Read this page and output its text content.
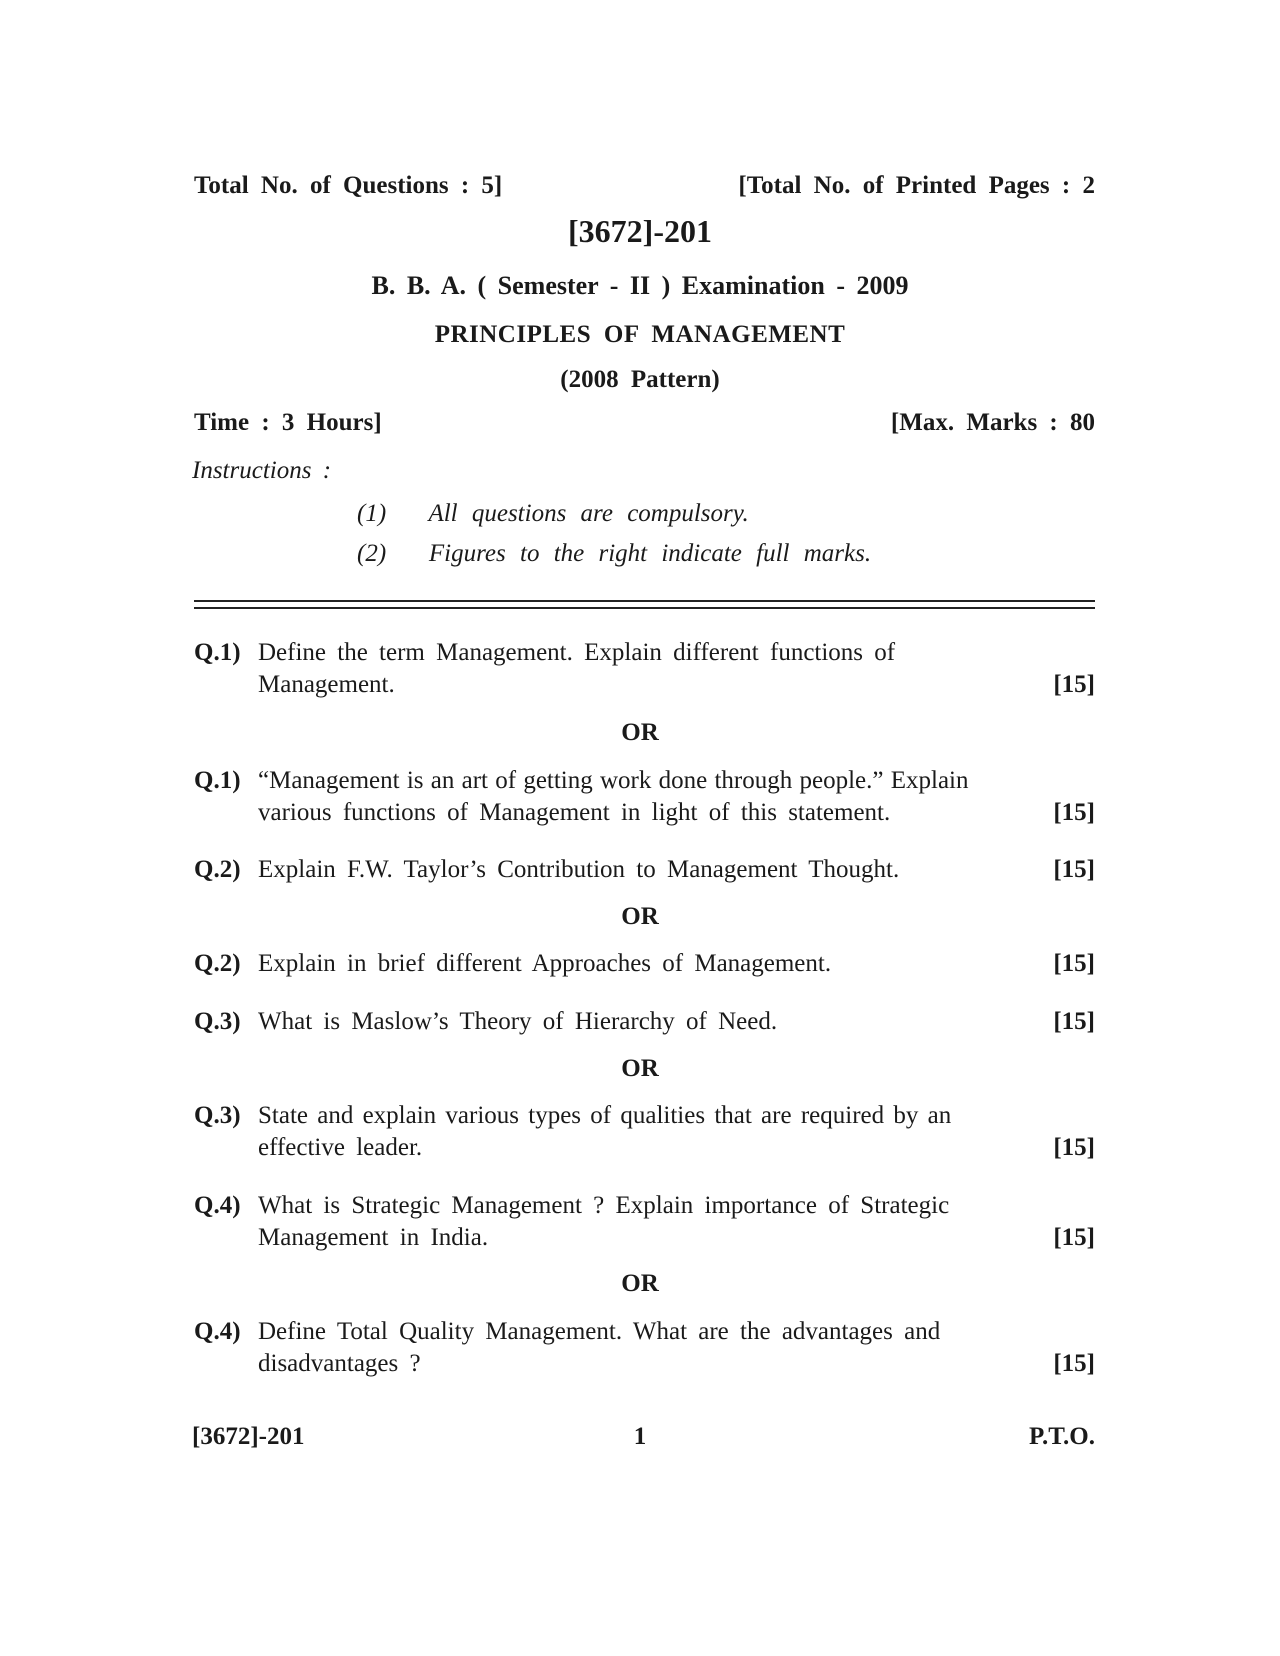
Total No. of Questions : 5]	[Total No. of Printed Pages : 2
[3672]-201
B. B. A. ( Semester - II ) Examination - 2009
PRINCIPLES OF MANAGEMENT
(2008 Pattern)
Time : 3 Hours]	[Max. Marks : 80
Instructions :
(1)   All questions are compulsory.
(2)   Figures to the right indicate full marks.
Q.1) Define the term Management. Explain different functions of
Management.	[15]
OR
Q.1) “Management is an art of getting work done through people.” Explain
various functions of Management in light of this statement.	[15]
Q.2) Explain F.W. Taylor’s Contribution to Management Thought.	[15]
OR
Q.2) Explain in brief different Approaches of Management.	[15]
Q.3) What is Maslow’s Theory of Hierarchy of Need.	[15]
OR
Q.3) State and explain various types of qualities that are required by an
effective leader.	[15]
Q.4) What is Strategic Management ? Explain importance of Strategic
Management in India.	[15]
OR
Q.4) Define Total Quality Management. What are the advantages and
disadvantages ?	[15]
[3672]-201	1	P.T.O.
